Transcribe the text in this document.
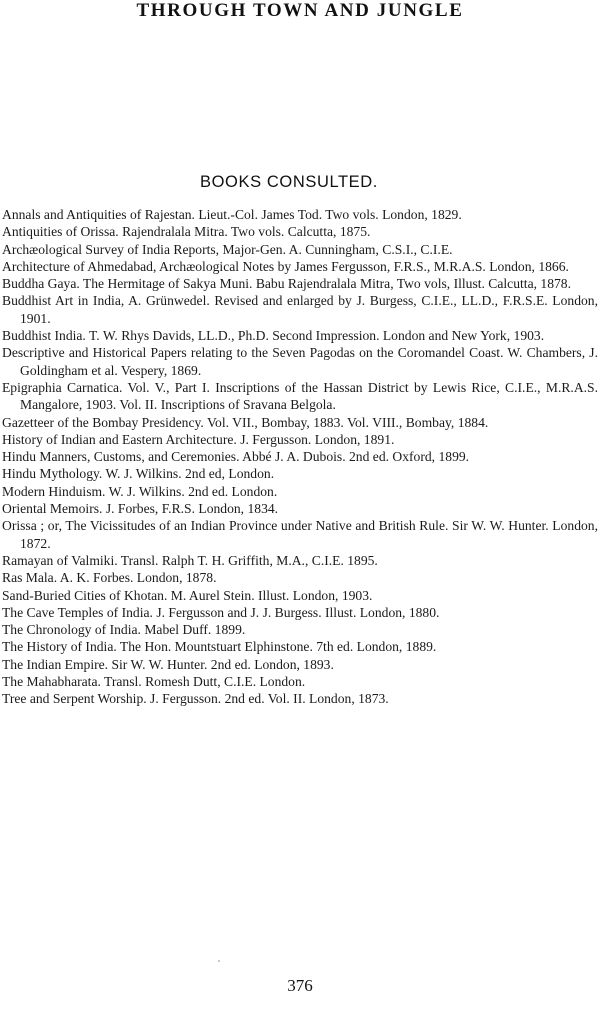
THROUGH TOWN AND JUNGLE
BOOKS CONSULTED.
Annals and Antiquities of Rajestan. Lieut.-Col. James Tod. Two vols. London, 1829.
Antiquities of Orissa. Rajendralala Mitra. Two vols. Calcutta, 1875.
Archæological Survey of India Reports, Major-Gen. A. Cunningham, C.S.I., C.I.E.
Architecture of Ahmedabad, Archæological Notes by James Fergusson, F.R.S., M.R.A.S. London, 1866.
Buddha Gaya. The Hermitage of Sakya Muni. Babu Rajendralala Mitra, Two vols, Illust. Calcutta, 1878.
Buddhist Art in India, A. Grünwedel. Revised and enlarged by J. Burgess, C.I.E., LL.D., F.R.S.E. London, 1901.
Buddhist India. T. W. Rhys Davids, LL.D., Ph.D. Second Impression. London and New York, 1903.
Descriptive and Historical Papers relating to the Seven Pagodas on the Coromandel Coast. W. Chambers, J. Goldingham et al. Vespery, 1869.
Epigraphia Carnatica. Vol. V., Part I. Inscriptions of the Hassan District by Lewis Rice, C.I.E., M.R.A.S. Mangalore, 1903. Vol. II. Inscriptions of Sravana Belgola.
Gazetteer of the Bombay Presidency. Vol. VII., Bombay, 1883. Vol. VIII., Bombay, 1884.
History of Indian and Eastern Architecture. J. Fergusson. London, 1891.
Hindu Manners, Customs, and Ceremonies. Abbé J. A. Dubois. 2nd ed. Oxford, 1899.
Hindu Mythology. W. J. Wilkins. 2nd ed, London.
Modern Hinduism. W. J. Wilkins. 2nd ed. London.
Oriental Memoirs. J. Forbes, F.R.S. London, 1834.
Orissa ; or, The Vicissitudes of an Indian Province under Native and British Rule. Sir W. W. Hunter. London, 1872.
Ramayan of Valmiki. Transl. Ralph T. H. Griffith, M.A., C.I.E. 1895.
Ras Mala. A. K. Forbes. London, 1878.
Sand-Buried Cities of Khotan. M. Aurel Stein. Illust. London, 1903.
The Cave Temples of India. J. Fergusson and J. J. Burgess. Illust. London, 1880.
The Chronology of India. Mabel Duff. 1899.
The History of India. The Hon. Mountstuart Elphinstone. 7th ed. London, 1889.
The Indian Empire. Sir W. W. Hunter. 2nd ed. London, 1893.
The Mahabharata. Transl. Romesh Dutt, C.I.E. London.
Tree and Serpent Worship. J. Fergusson. 2nd ed. Vol. II. London, 1873.
376
